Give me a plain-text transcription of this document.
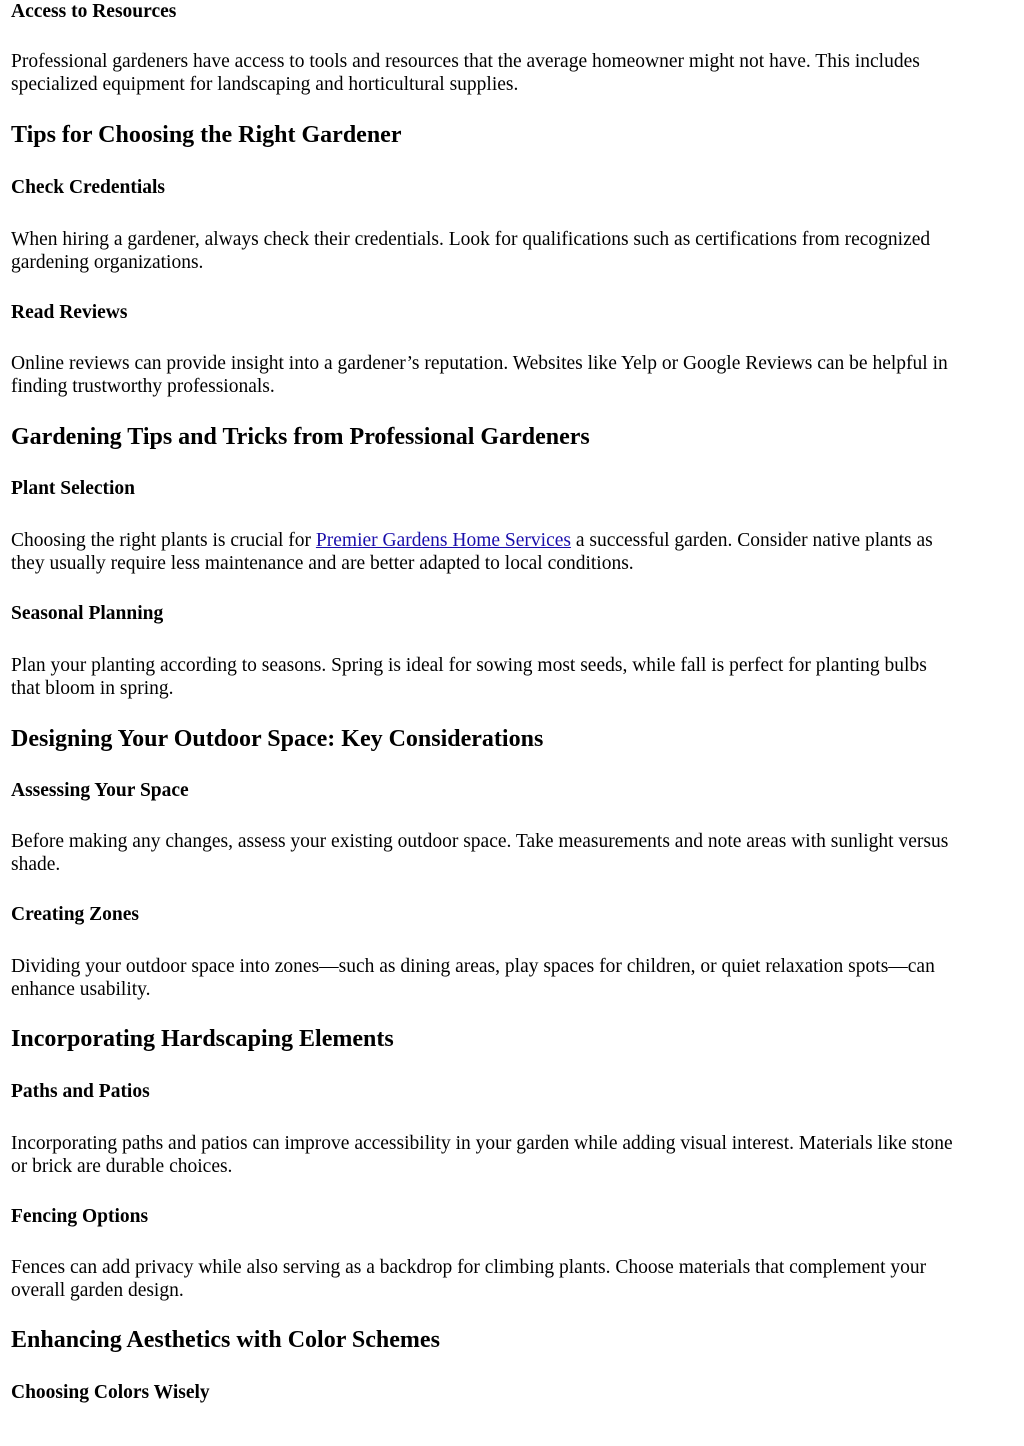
Access to Resources

Professional gardeners have access to tools and resources that the average homeowner might not have. This includes
specialized equipment for landscaping and horticultural supplies.

Tips for Choosing the Right Gardener
Check Credentials

When hiring a gardener, always check their credentials. Look for qualifications such as certifications from recognized
gardening organizations.

Read Reviews

Online reviews can provide insight into a gardener’s reputation. Websites like Yelp or Google Reviews can be helpful in
finding trustworthy professionals.

Gardening Tips and Tricks from Professional Gardeners
Plant Selection

Choosing the right plants is crucial for Premier Gardens Home Services a successful garden. Consider native plants as
they usually require less maintenance and are better adapted to local conditions.

Seasonal Planning

Plan your planting according to seasons. Spring is ideal for sowing most seeds, while fall is perfect for planting bulbs
that bloom in spring.

Designing Your Outdoor Space: Key Considerations
Assessing Your Space

Before making any changes, assess your existing outdoor space. Take measurements and note areas with sunlight versus
shade.

Creating Zones

Dividing your outdoor space into zones—such as dining areas, play spaces for children, or quiet relaxation spots—can
enhance usability.

Incorporating Hardscaping Elements
Paths and Patios

Incorporating paths and patios can improve accessibility in your garden while adding visual interest. Materials like stone
or brick are durable choices.

Fencing Options

Fences can add privacy while also serving as a backdrop for climbing plants. Choose materials that complement your
overall garden design.

Enhancing Aesthetics with Color Schemes
Choosing Colors Wisely
